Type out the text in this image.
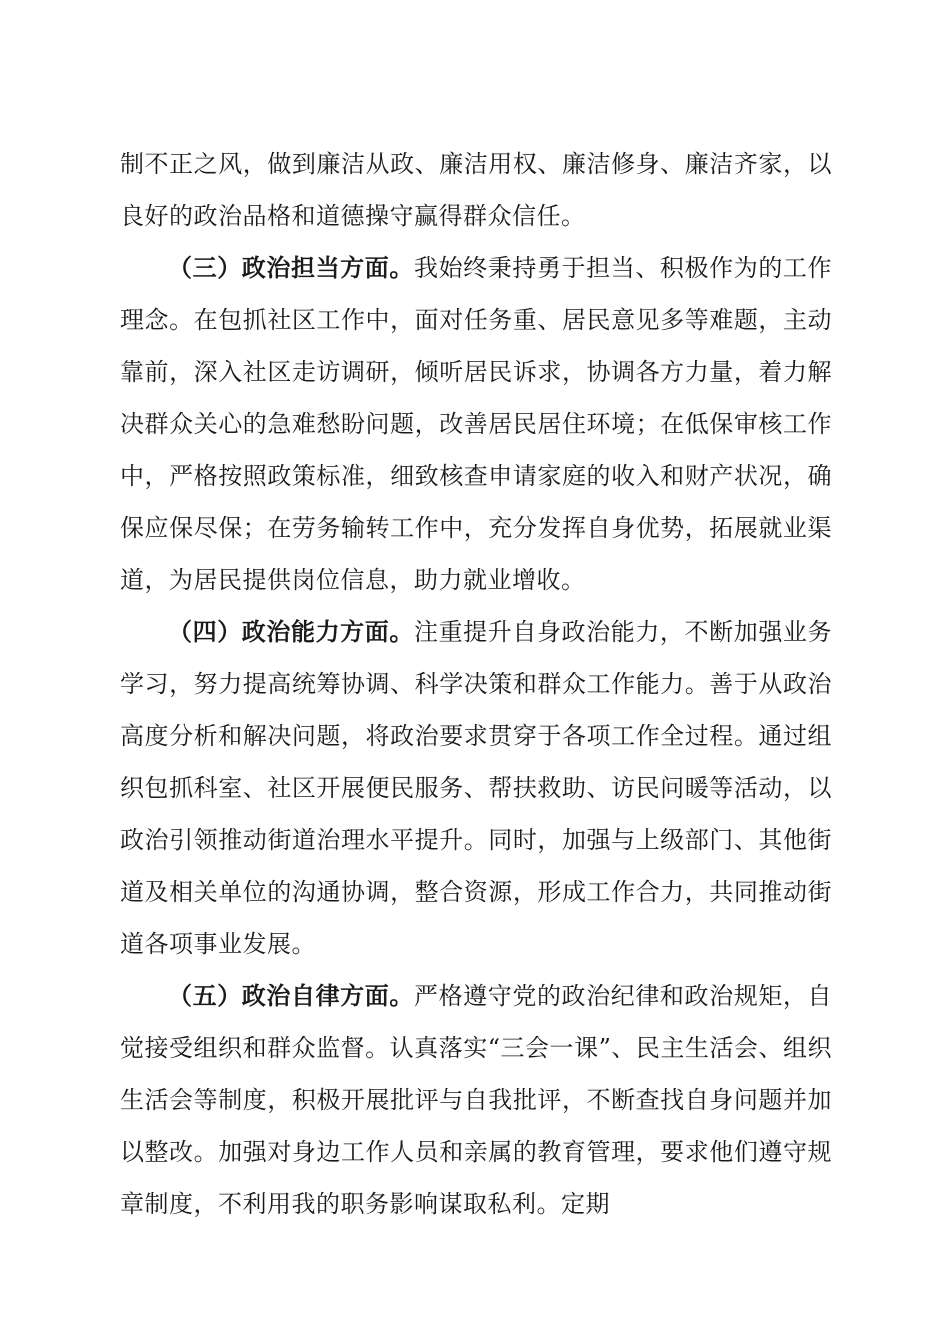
制不正之风，做到廉洁从政、廉洁用权、廉洁修身、廉洁齐家，以良好的政治品格和道德操守赢得群众信任。

（三）政治担当方面。我始终秉持勇于担当、积极作为的工作理念。在包抓社区工作中，面对任务重、居民意见多等难题，主动靠前，深入社区走访调研，倾听居民诉求，协调各方力量，着力解决群众关心的急难愁盼问题，改善居民居住环境；在低保审核工作中，严格按照政策标准，细致核查申请家庭的收入和财产状况，确保应保尽保；在劳务输转工作中，充分发挥自身优势，拓展就业渠道，为居民提供岗位信息，助力就业增收。

（四）政治能力方面。注重提升自身政治能力，不断加强业务学习，努力提高统筹协调、科学决策和群众工作能力。善于从政治高度分析和解决问题，将政治要求贯穿于各项工作全过程。通过组织包抓科室、社区开展便民服务、帮扶救助、访民问暖等活动，以政治引领推动街道治理水平提升。同时，加强与上级部门、其他街道及相关单位的沟通协调，整合资源，形成工作合力，共同推动街道各项事业发展。

（五）政治自律方面。严格遵守党的政治纪律和政治规矩，自觉接受组织和群众监督。认真落实“三会一课”、民主生活会、组织生活会等制度，积极开展批评与自我批评，不断查找自身问题并加以整改。加强对身边工作人员和亲属的教育管理，要求他们遵守规章制度，不利用我的职务影响谋取私利。定期
